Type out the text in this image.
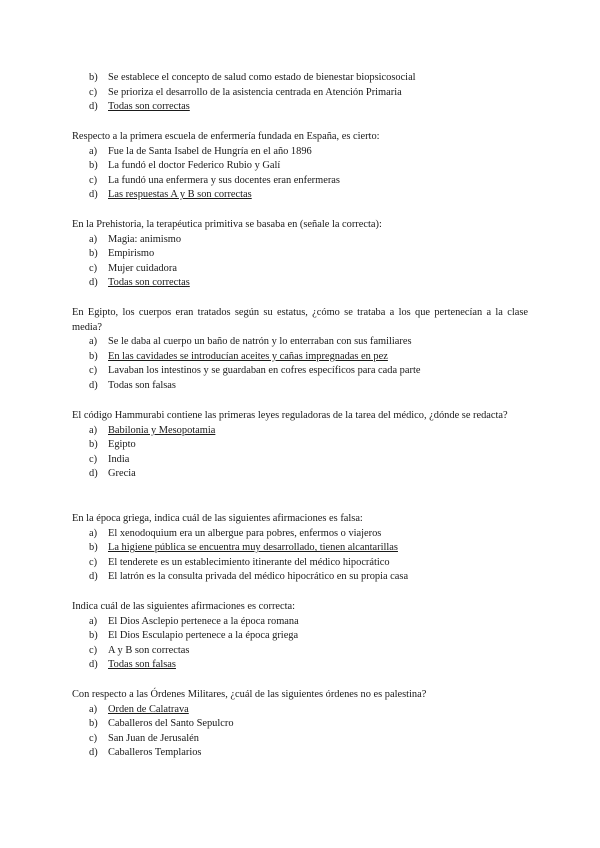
b) Se establece el concepto de salud como estado de bienestar biopsicosocial
c)	Se prioriza el desarrollo de la asistencia centrada en Atención Primaria
d) Todas son correctas
Respecto a la primera escuela de enfermería fundada en España, es cierto:
a)	Fue la de Santa Isabel de Hungría en el año 1896
b) La fundó el doctor Federico Rubio y Galí
c)	La fundó una enfermera y sus docentes eran enfermeras
d) Las respuestas A y B son correctas
En la Prehistoria, la terapéutica primitiva se basaba en (señale la correcta):
a)	Magia: animismo
b) Empirismo
c)	Mujer cuidadora
d) Todas son correctas
En Egipto, los cuerpos eran tratados según su estatus, ¿cómo se trataba a los que pertenecían a la clase media?
a)	Se le daba al cuerpo un baño de natrón y lo enterraban con sus familiares
b) En las cavidades se introducían aceites y cañas impregnadas en pez
c)	Lavaban los intestinos y se guardaban en cofres específicos para cada parte
d) Todas son falsas
El código Hammurabi contiene las primeras leyes reguladoras de la tarea del médico, ¿dónde se redacta?
a)	Babilonia y Mesopotamia
b) Egipto
c)	India
d) Grecia
En la época griega, indica cuál de las siguientes afirmaciones es falsa:
a)	El xenodoquium era un albergue para pobres, enfermos o viajeros
b) La higiene pública se encuentra muy desarrollado, tienen alcantarillas
c)	El tenderete es un establecimiento itinerante del médico hipocrático
d) El latrón es la consulta privada del médico hipocrático en su propia casa
Indica cuál de las siguientes afirmaciones es correcta:
a)	El Dios Asclepio pertenece a la época romana
b) El Dios Esculapio pertenece a la época griega
c)	A y B son correctas
d) Todas son falsas
Con respecto a las Órdenes Militares, ¿cuál de las siguientes órdenes no es palestina?
a)	Orden de Calatrava
b) Caballeros del Santo Sepulcro
c)	San Juan de Jerusalén
d) Caballeros Templarios
